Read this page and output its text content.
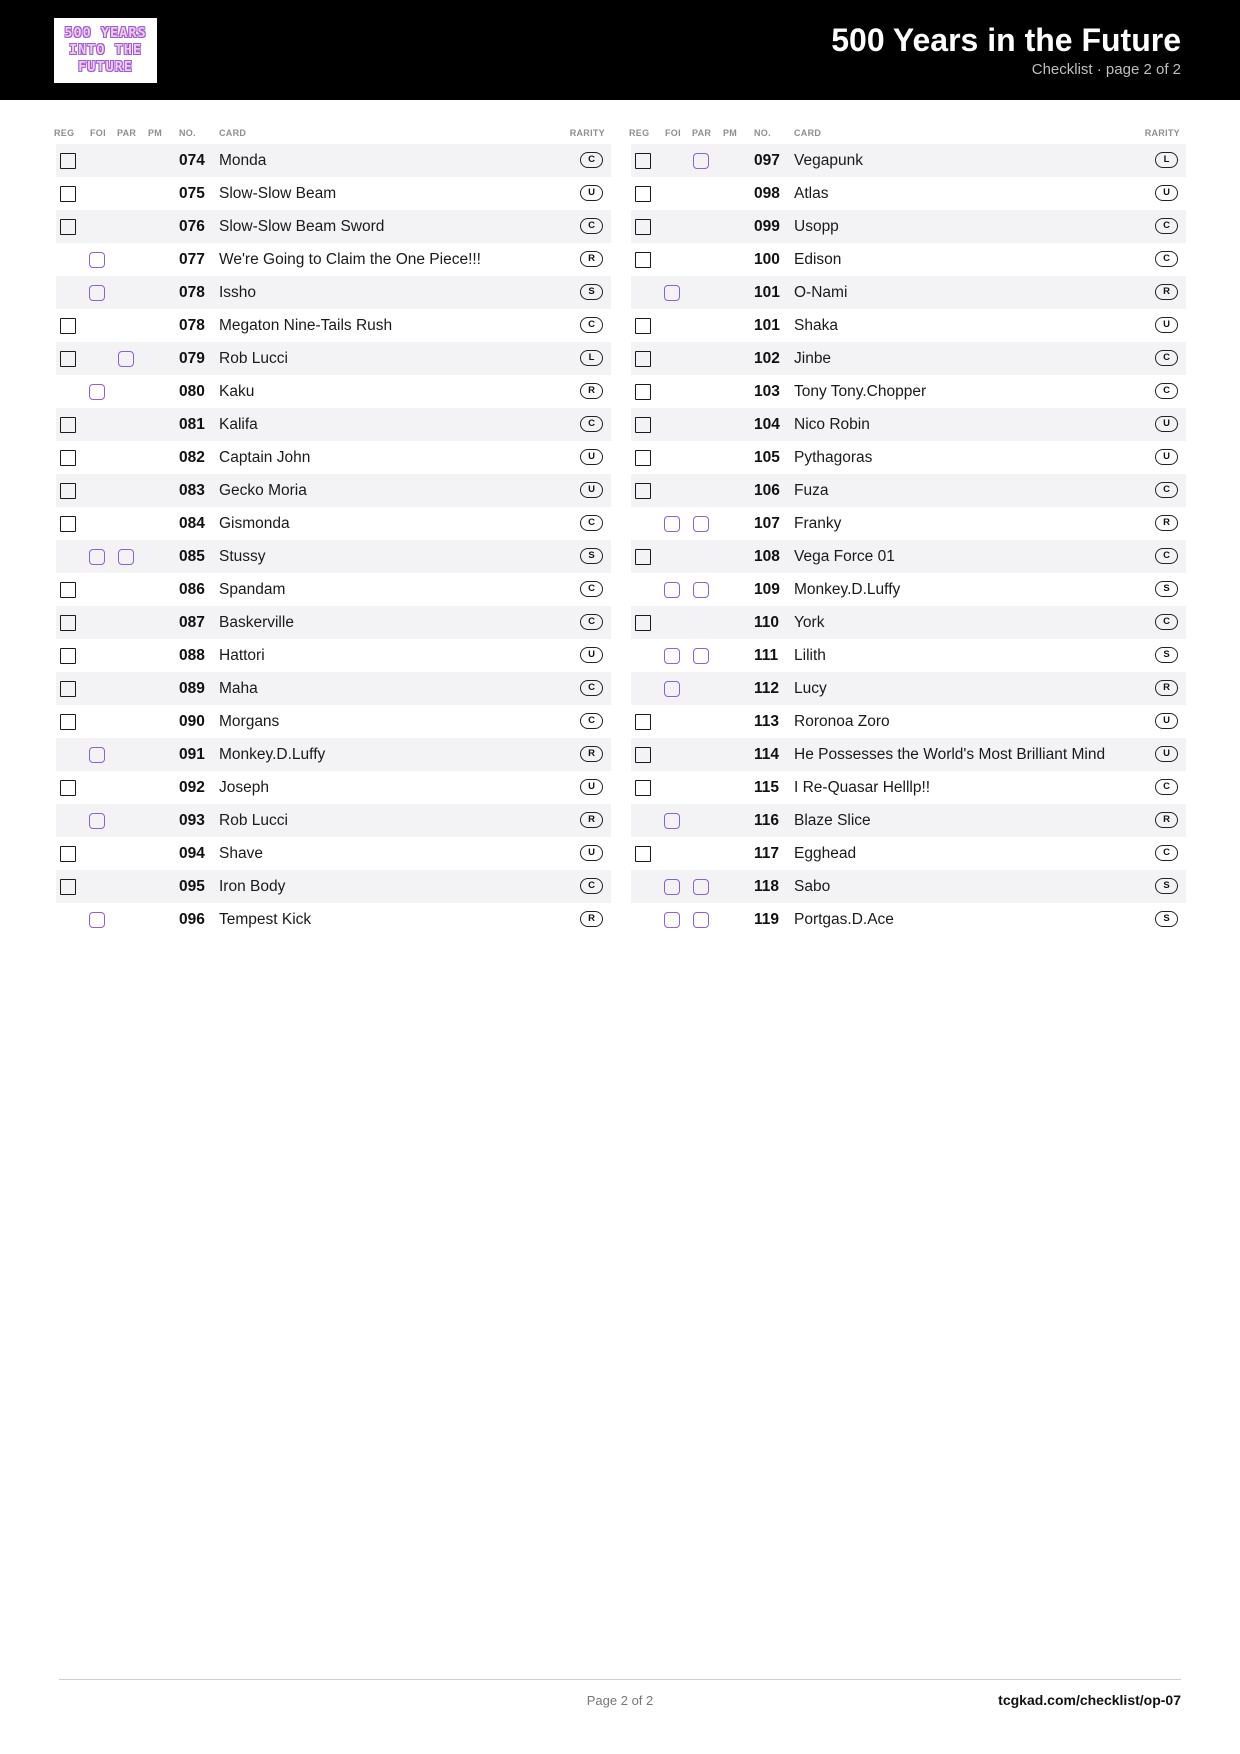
500 YEARS
INTO THE
FUTURE
500 Years in the Future
Checklist · page 2 of 2
REG FOI PAR PM NO.	CARD	RARITY
074 Monda	C
075 Slow-Slow Beam	U
076 Slow-Slow Beam Sword	C
077 We're Going to Claim the One Piece!!!	R
078 Issho	S
078 Megaton Nine-Tails Rush	C
079 Rob Lucci	L
080 Kaku	R
081 Kalifa	C
082 Captain John	U
083 Gecko Moria	U
084 Gismonda	C
085 Stussy	S
086 Spandam	C
087 Baskerville	C
088 Hattori	U
089 Maha	C
090 Morgans	C
091 Monkey.D.Luffy	R
092 Joseph	U
093 Rob Lucci	R
094 Shave	U
095 Iron Body	C
096 Tempest Kick	R
REG FOI PAR PM NO.	CARD	RARITY
097 Vegapunk	L
098 Atlas	U
099 Usopp	C
100 Edison	C
101 O-Nami	R
101 Shaka	U
102 Jinbe	C
103 Tony Tony.Chopper	C
104 Nico Robin	U
105 Pythagoras	U
106 Fuza	C
107 Franky	R
108 Vega Force 01	C
109 Monkey.D.Luffy	S
110 York	C
111 Lilith	S
112 Lucy	R
113 Roronoa Zoro	U
114 He Possesses the World's Most Brilliant Mind	U
115 I Re-Quasar Helllp!!	C
116 Blaze Slice	R
117 Egghead	C
118 Sabo	S
119 Portgas.D.Ace	S
Page 2 of 2	tcgkad.com/checklist/op-07
